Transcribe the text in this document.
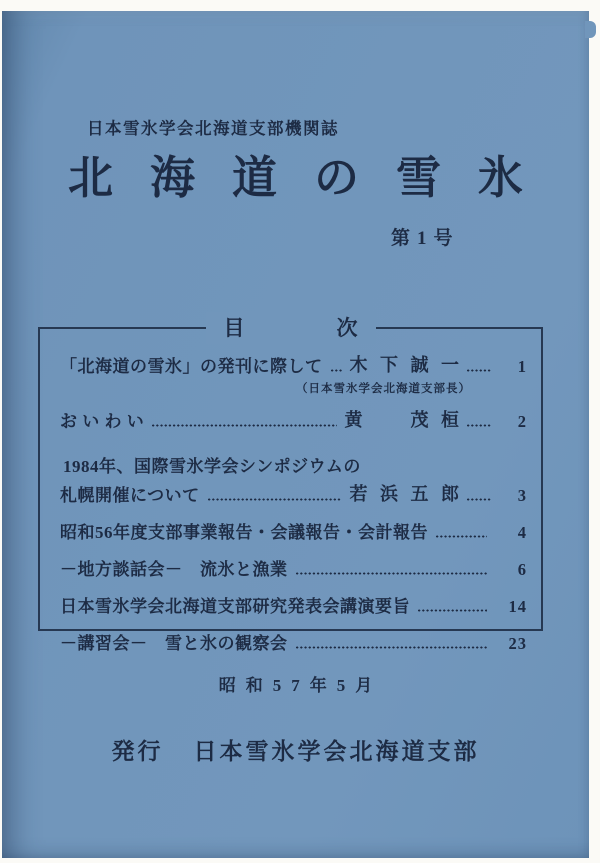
日本雪氷学会北海道支部機関誌
北海道の雪氷
第1号
目	次
「北海道の雪氷」の発刊に際して 木 下 誠 一	1
（日本雪氷学会北海道支部長）
お い わ い	黄　　茂 桓	2
1984年、国際雪氷学会シンポジウムの
札幌開催について	若 浜 五 郎	3
昭和56年度支部事業報告・会議報告・会計報告	4
－地方談話会－　流氷と漁業	6
日本雪氷学会北海道支部研究発表会講演要旨	14
－講習会－　雪と氷の観察会	23
昭和57年5月
発行 日本雪氷学会北海道支部
